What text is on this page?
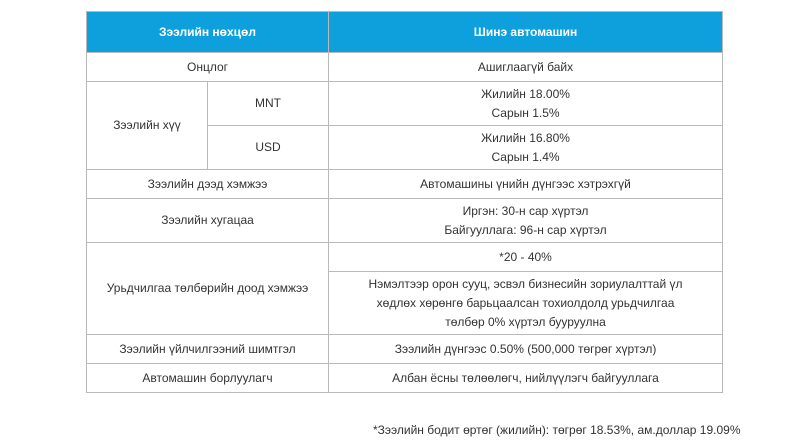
Зээлийн нөхцөл		Шинэ автомашин
Онцлог		Ашиглаагүй байх
Зээлийн хүү	MNT	Жилийн 18.00%
Сарын 1.5%

	USD	Жилийн 16.80%
Сарын 1.4%

Зээлийн дээд хэмжээ		Автомашины үнийн дүнгээс хэтрэхгүй
Зээлийн хугацаа		Иргэн: 30-н сар хүртэл
Байгууллага: 96-н сар хүртэл

Урьдчилгаа төлбөрийн доод хэмжээ		*20 - 40%

		Нэмэлтээр орон сууц, эсвэл бизнесийн зориулалттай үл
хөдлөх хөрөнгө барьцаалсан тохиолдолд урьдчилгаа
төлбөр 0% хүртэл бууруулна

Зээлийн үйлчилгээний шимтгэл		Зээлийн дүнгээс 0.50% (500,000 төгрөг хүртэл)
Автомашин борлуулагч		Албан ёсны төлөөлөгч, нийлүүлэгч байгууллага
*Зээлийн бодит өртөг (жилийн): төгрөг 18.53%, ам.доллар 19.09%
